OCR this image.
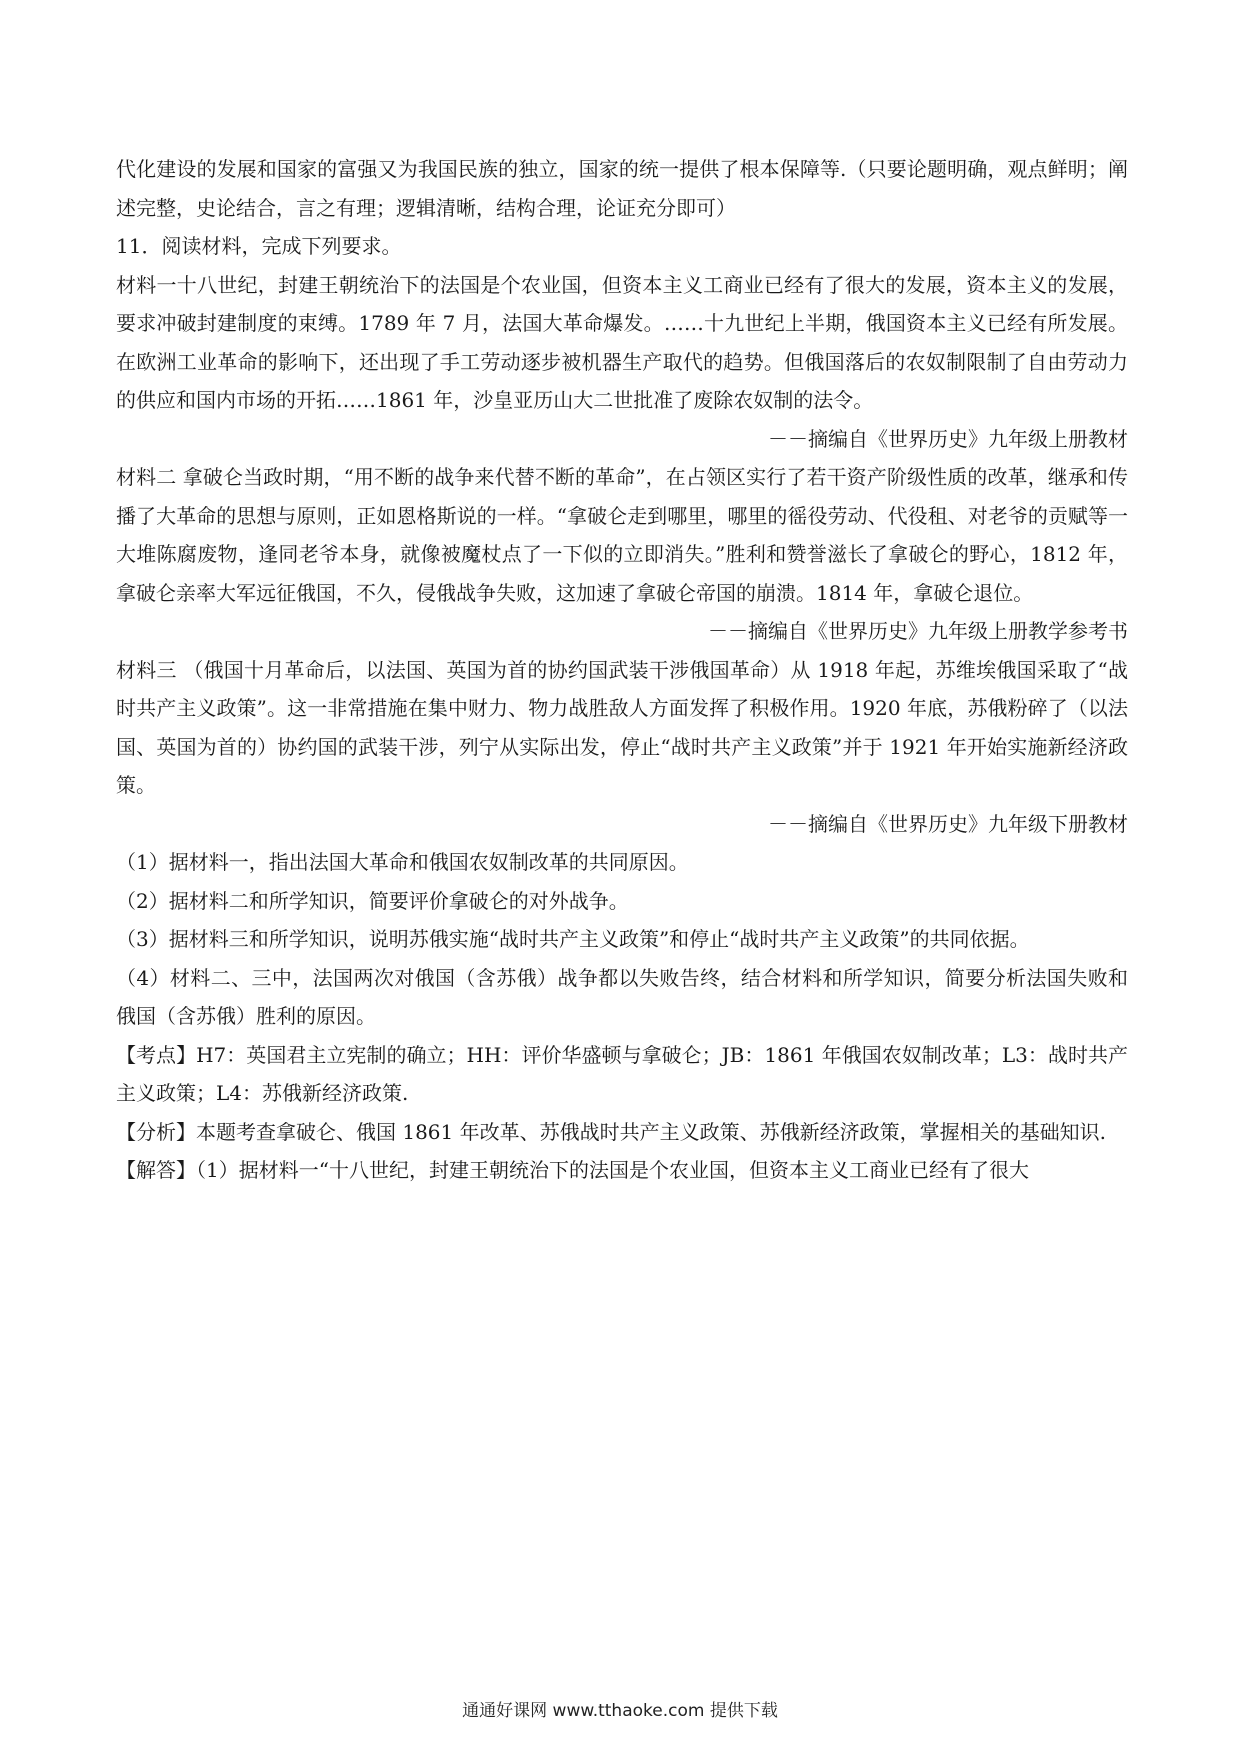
代化建设的发展和国家的富强又为我国民族的独立，国家的统一提供了根本保障等.（只要论题明确，观点鲜明；阐述完整，史论结合，言之有理；逻辑清晰，结构合理，论证充分即可）

11．阅读材料，完成下列要求。

材料一十八世纪，封建王朝统治下的法国是个农业国，但资本主义工商业已经有了很大的发展，资本主义的发展，要求冲破封建制度的束缚。1789 年 7 月，法国大革命爆发。……十九世纪上半期，俄国资本主义已经有所发展。在欧洲工业革命的影响下，还出现了手工劳动逐步被机器生产取代的趋势。但俄国落后的农奴制限制了自由劳动力的供应和国内市场的开拓……1861 年，沙皇亚历山大二世批准了废除农奴制的法令。

－－摘编自《世界历史》九年级上册教材

材料二 拿破仑当政时期，“用不断的战争来代替不断的革命”，在占领区实行了若干资产阶级性质的改革，继承和传播了大革命的思想与原则，正如恩格斯说的一样。“拿破仑走到哪里，哪里的徭役劳动、代役租、对老爷的贡赋等一大堆陈腐废物，逢同老爷本身，就像被魔杖点了一下似的立即消失。”胜利和赞誉滋长了拿破仑的野心，1812 年，拿破仑亲率大军远征俄国，不久，侵俄战争失败，这加速了拿破仑帝国的崩溃。1814 年，拿破仑退位。

－－摘编自《世界历史》九年级上册教学参考书

材料三 （俄国十月革命后，以法国、英国为首的协约国武装干涉俄国革命）从 1918 年起，苏维埃俄国采取了“战时共产主义政策”。这一非常措施在集中财力、物力战胜敌人方面发挥了积极作用。1920 年底，苏俄粉碎了（以法国、英国为首的）协约国的武装干涉，列宁从实际出发，停止“战时共产主义政策”并于 1921 年开始实施新经济政策。

－－摘编自《世界历史》九年级下册教材

（1）据材料一，指出法国大革命和俄国农奴制改革的共同原因。

（2）据材料二和所学知识，简要评价拿破仑的对外战争。

（3）据材料三和所学知识，说明苏俄实施“战时共产主义政策”和停止“战时共产主义政策”的共同依据。

（4）材料二、三中，法国两次对俄国（含苏俄）战争都以失败告终，结合材料和所学知识，简要分析法国失败和俄国（含苏俄）胜利的原因。

【考点】H7：英国君主立宪制的确立；HH：评价华盛顿与拿破仑；JB：1861 年俄国农奴制改革；L3：战时共产主义政策；L4：苏俄新经济政策.

【分析】本题考查拿破仑、俄国 1861 年改革、苏俄战时共产主义政策、苏俄新经济政策，掌握相关的基础知识.

【解答】（1）据材料一“十八世纪，封建王朝统治下的法国是个农业国，但资本主义工商业已经有了很大

通通好课网 www.tthaoke.com 提供下载
